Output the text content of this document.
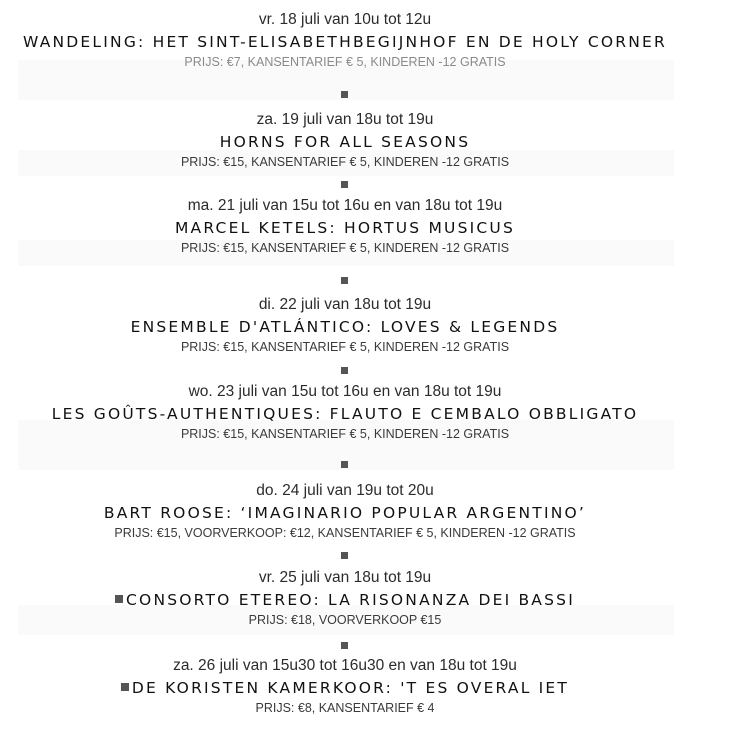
vr. 18 juli van 10u tot 12u
WANDELING: HET SINT-ELISABETHBEGIJNHOF EN DE HOLY CORNER
PRIJS: €7, KANSENTARIEF € 5, KINDEREN -12 GRATIS
za. 19 juli van 18u tot 19u
HORNS FOR ALL SEASONS
PRIJS: €15, KANSENTARIEF € 5, KINDEREN -12 GRATIS
ma. 21 juli van 15u tot 16u en van 18u tot 19u
MARCEL KETELS: HORTUS MUSICUS
PRIJS: €15, KANSENTARIEF € 5, KINDEREN -12 GRATIS
di. 22 juli van 18u tot 19u
ENSEMBLE D'ATLÁNTICO: LOVES & LEGENDS
PRIJS: €15, KANSENTARIEF € 5, KINDEREN -12 GRATIS
wo. 23 juli van 15u tot 16u en van 18u tot 19u
LES GOÛTS-AUTHENTIQUES: FLAUTO E CEMBALO OBBLIGATO
PRIJS: €15, KANSENTARIEF € 5, KINDEREN -12 GRATIS
do. 24 juli van 19u tot 20u
BART ROOSE: ‘IMAGINARIO POPULAR ARGENTINO’
PRIJS: €15, VOORVERKOOP: €12, KANSENTARIEF € 5, KINDEREN -12 GRATIS
vr. 25 juli van 18u tot 19u
CONSORTO ETEREO: LA RISONANZA DEI BASSI
PRIJS: €18, VOORVERKOOP €15
za. 26 juli van 15u30 tot 16u30 en van 18u tot 19u
DE KORISTEN KAMERKOOR: 'T ES OVERAL IET
PRIJS: €8, KANSENTARIEF € 4
